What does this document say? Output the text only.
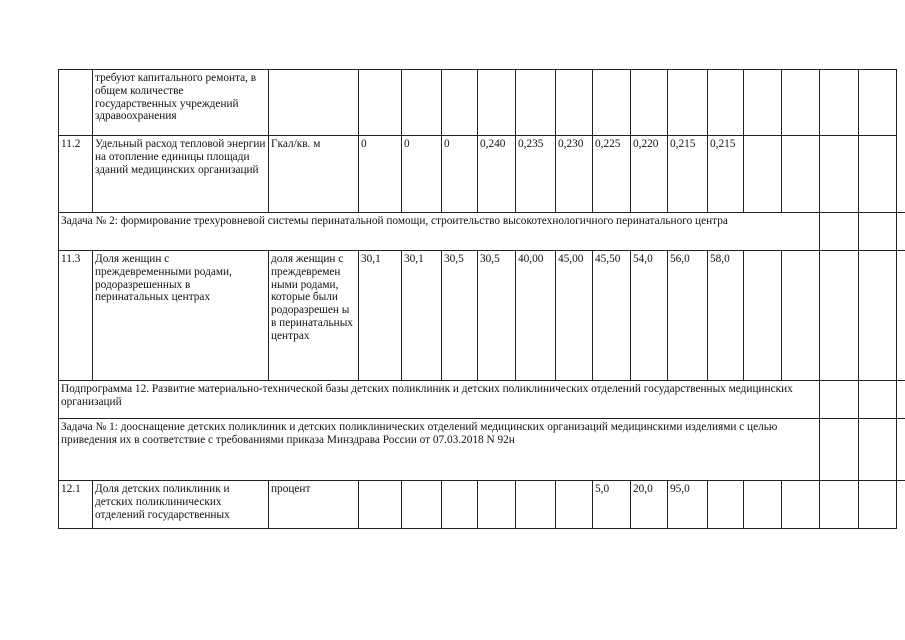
	требуют капитального ремонта, в общем количестве государственных учреждений здравоохранения																
11.2	Удельный расход тепловой энергии на отопление единицы площади зданий медицинских организаций	Гкал/кв. м	0	0	0	0,240	0,235	0,230	0,225	0,220	0,215	0,215					
Задача № 2: формирование трехуровневой системы перинатальной помощи, строительство высокотехнологичного перинатального центра																	
11.3	Доля женщин с преждевременными родами, родоразрешенных в перинатальных центрах	доля женщин с преждевремен ными родами, которые были родоразрешен ы в перинатальных центрах	30,1	30,1	30,5	30,5	40,00	45,00	45,50	54,0	56,0	58,0					
Подпрограмма 12. Развитие материально-технической базы детских поликлиник и детских поликлинических отделений государственных медицинских организаций																	
Задача № 1: дооснащение детских поликлиник и детских поликлинических отделений медицинских организаций медицинскими изделиями с целью приведения их в соответствие с требованиями приказа Минздрава России от 07.03.2018 N 92н																	
12.1	Доля детских поликлиник и детских поликлинических отделений государственных	процент							5,0	20,0	95,0						
